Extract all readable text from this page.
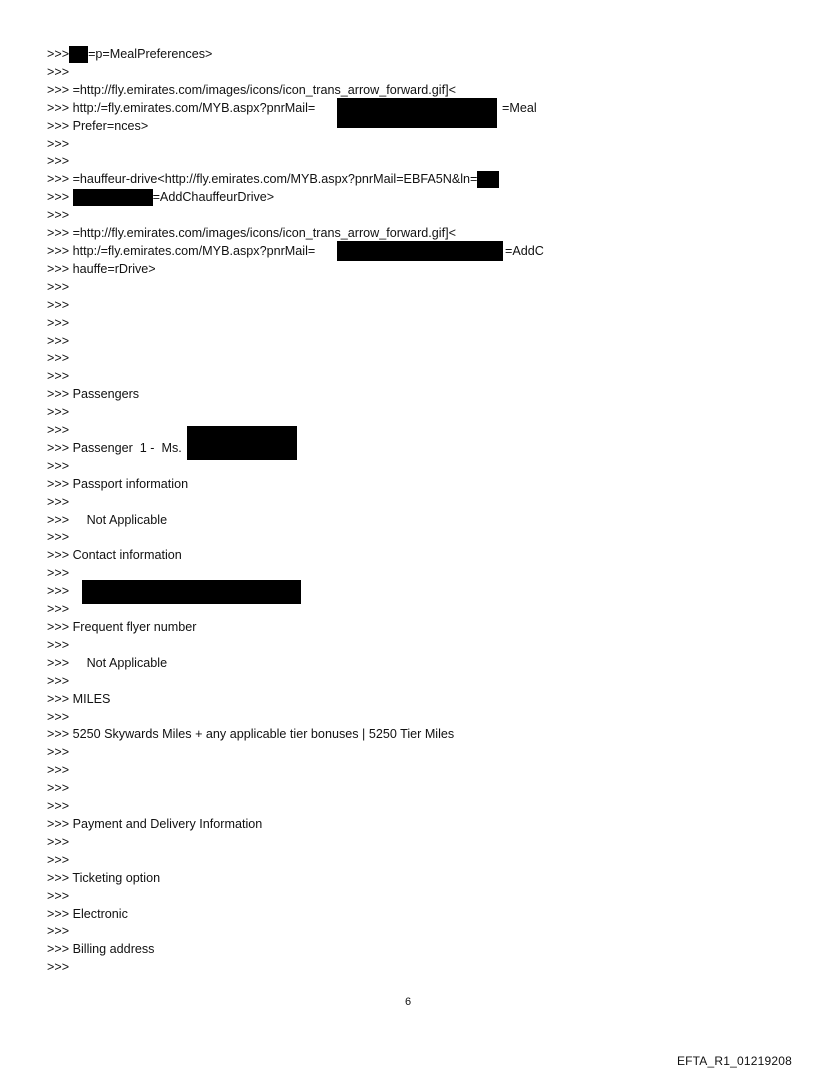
>>> =p=MealPreferences>
>>>
>>> =http://fly.emirates.com/images/icons/icon_trans_arrow_forward.gif]<
>>> http:/=fly.emirates.com/MYB.aspx?pnrMail=	=Meal
>>> Prefer=nces>
>>>
>>>
>>> =hauffeur-drive<http://fly.emirates.com/MYB.aspx?pnrMail=EBFA5N&ln=
>>>	=AddChauffeurDrive>
>>>
>>> =http://fly.emirates.com/images/icons/icon_trans_arrow_forward.gif]<
>>> http:/=fly.emirates.com/MYB.aspx?pnrMail=	=AddC
>>> hauffe=rDrive>
>>>
>>>
>>>
>>>
>>>
>>>
>>> Passengers
>>>
>>>
>>> Passenger  1 -  Ms.
>>>
>>> Passport information
>>>
>>>     Not Applicable
>>>
>>> Contact information
>>>
>>>
>>>
>>> Frequent flyer number
>>>
>>>     Not Applicable
>>>
>>> MILES
>>>
>>> 5250 Skywards Miles + any applicable tier bonuses | 5250 Tier Miles
>>>
>>>
>>>
>>>
>>> Payment and Delivery Information
>>>
>>>
>>> Ticketing option
>>>
>>> Electronic
>>>
>>> Billing address
>>>
6
EFTA_R1_01219208
